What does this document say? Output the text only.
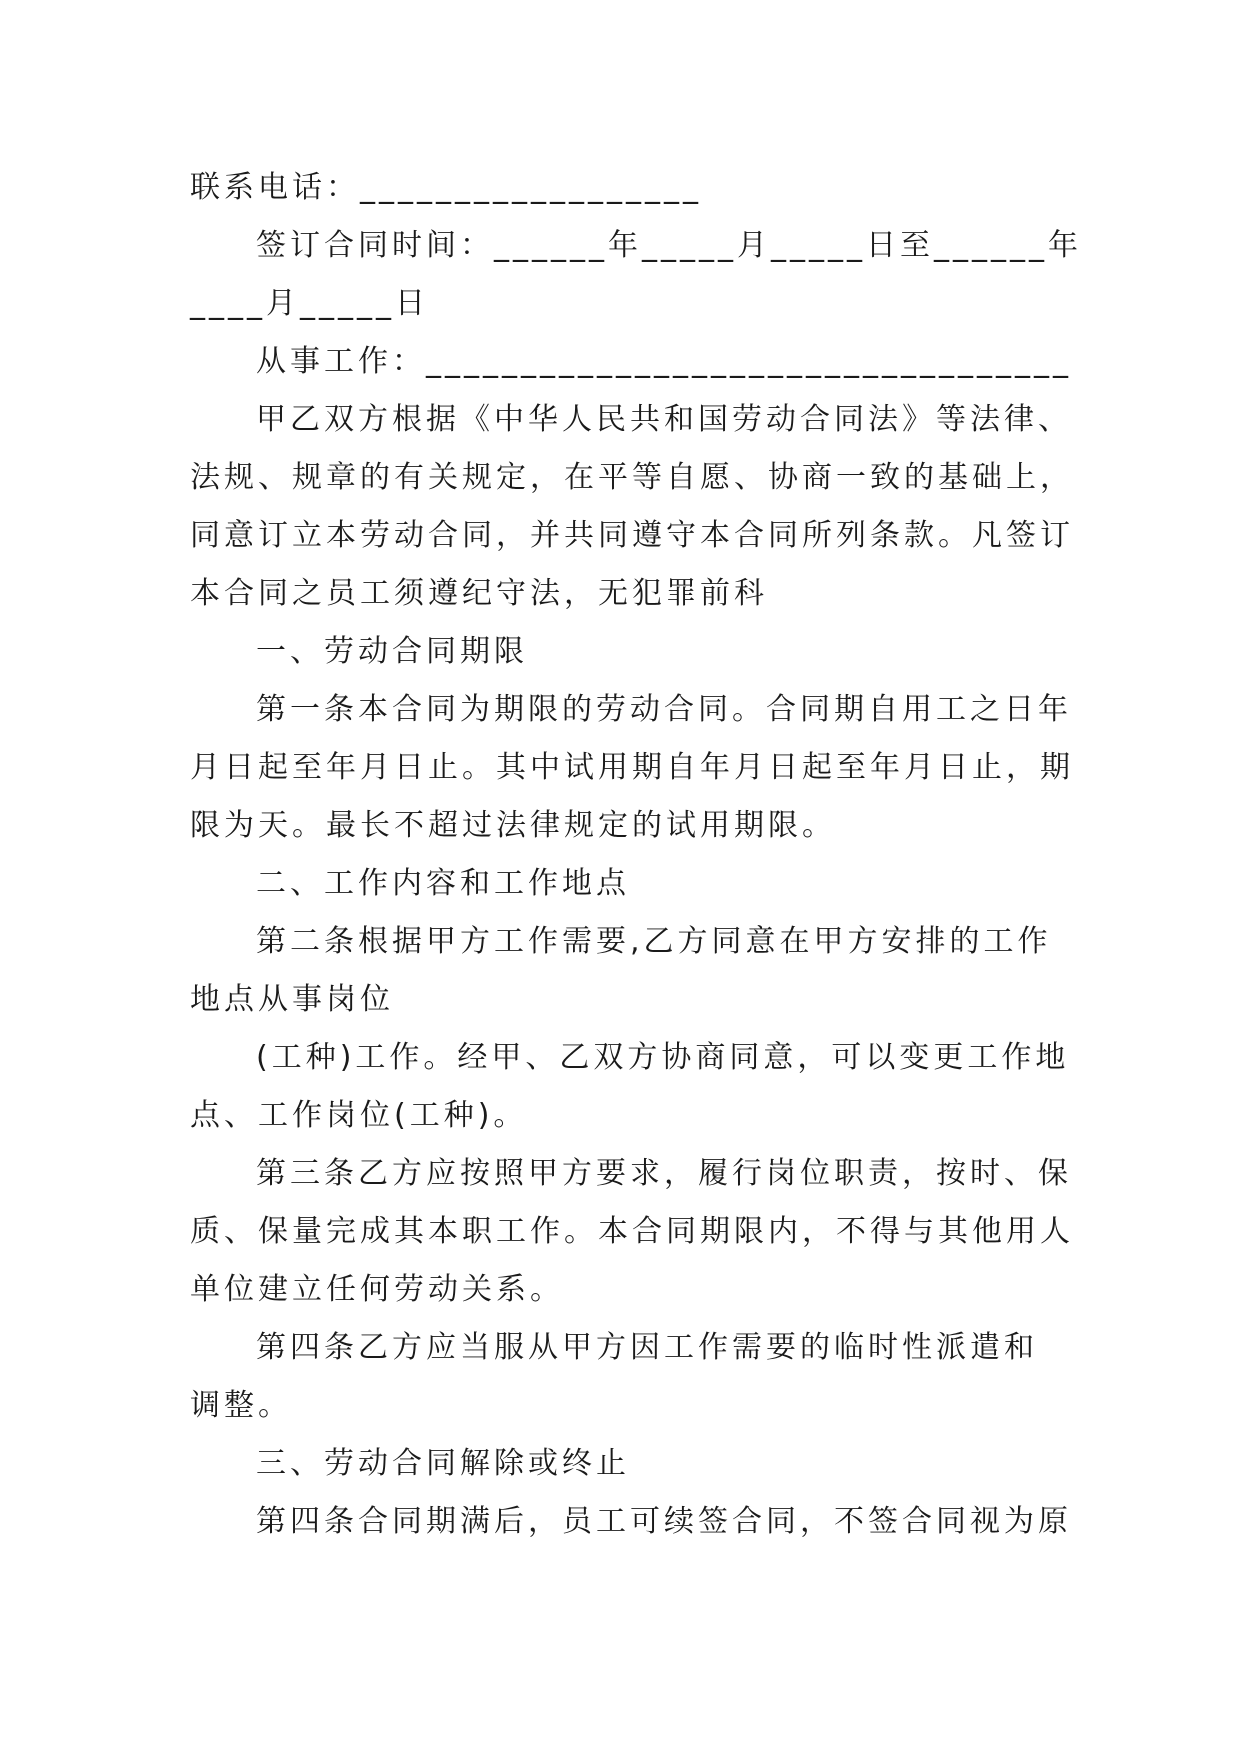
联系电话：__________________
签订合同时间：______年_____月_____日至______年
____月_____日
从事工作：__________________________________
甲乙双方根据《中华人民共和国劳动合同法》等法律、
法规、规章的有关规定，在平等自愿、协商一致的基础上，
同意订立本劳动合同，并共同遵守本合同所列条款。凡签订
本合同之员工须遵纪守法，无犯罪前科
一、劳动合同期限
第一条本合同为期限的劳动合同。合同期自用工之日年
月日起至年月日止。其中试用期自年月日起至年月日止，期
限为天。最长不超过法律规定的试用期限。
二、工作内容和工作地点
第二条根据甲方工作需要,乙方同意在甲方安排的工作
地点从事岗位
(工种)工作。经甲、乙双方协商同意，可以变更工作地
点、工作岗位(工种)。
第三条乙方应按照甲方要求，履行岗位职责，按时、保
质、保量完成其本职工作。本合同期限内，不得与其他用人
单位建立任何劳动关系。
第四条乙方应当服从甲方因工作需要的临时性派遣和
调整。
三、劳动合同解除或终止
第四条合同期满后，员工可续签合同，不签合同视为原
